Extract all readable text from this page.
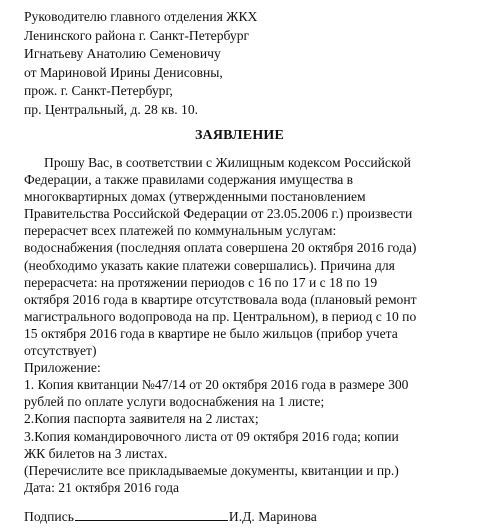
Руководителю главного отделения ЖКХ
Ленинского района г. Санкт-Петербург
Игнатьеву Анатолию Семеновичу
от Мариновой Ирины Денисовны,
прож. г. Санкт-Петербург,
пр. Центральный, д. 28 кв. 10.
ЗАЯВЛЕНИЕ
Прошу Вас, в соответствии с Жилищным кодексом Российской
Федерации, а также правилами содержания имущества в
многоквартирных домах (утвержденными постановлением
Правительства Российской Федерации от 23.05.2006 г.) произвести
перерасчет всех платежей по коммунальным услугам:
водоснабжения (последняя оплата совершена 20 октября 2016 года)
(необходимо указать какие платежи совершались). Причина для
перерасчета: на протяжении периодов с 16 по 17 и с 18 по 19
октября 2016 года в квартире отсутствовала вода (плановый ремонт
магистрального водопровода на пр. Центральном), в период с 10 по
15 октября 2016 года в квартире не было жильцов (прибор учета
отсутствует)
Приложение:
1. Копия квитанции №47/14 от 20 октября 2016 года в размере 300
рублей по оплате услуги водоснабжения на 1 листе;
2.Копия паспорта заявителя на 2 листах;
3.Копия командировочного листа от 09 октября 2016 года; копии
ЖК билетов на 3 листах.
(Перечислите все прикладываемые документы, квитанции и пр.)
Дата: 21 октября 2016 года
Подпись	И.Д. Маринова
